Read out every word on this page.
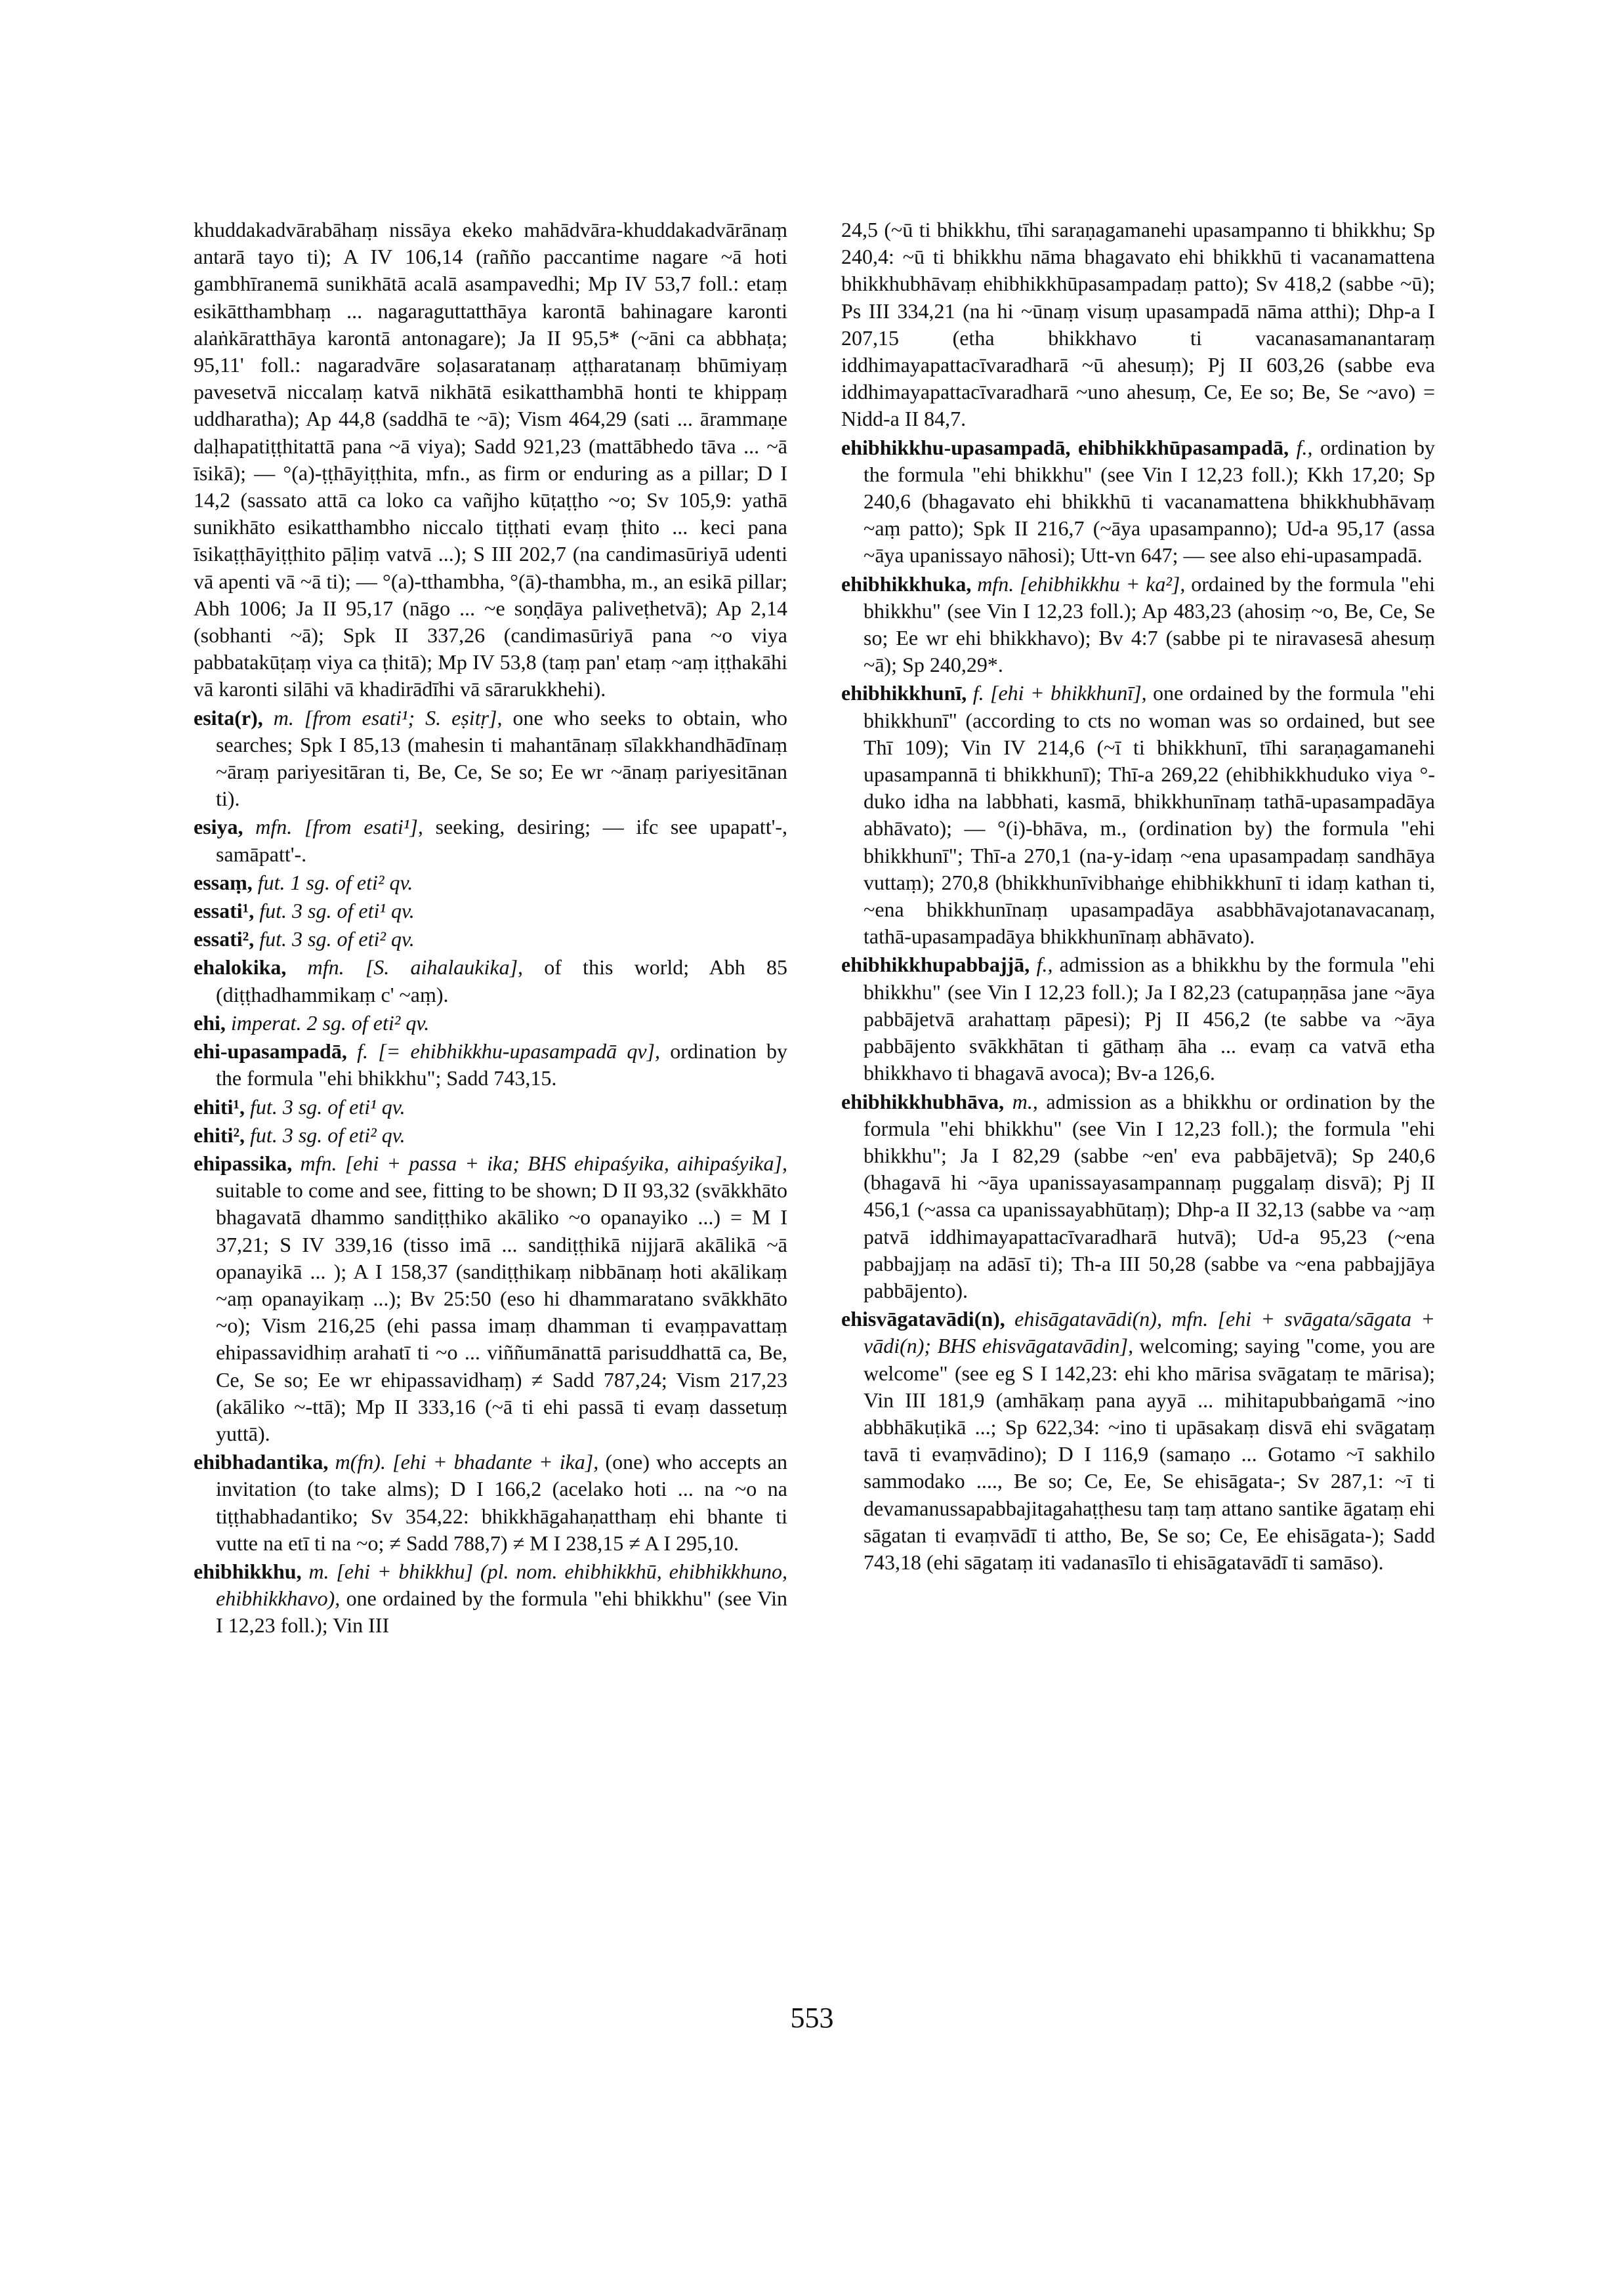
khuddakadvārabāhaṃ nissāya ekeko mahādvāra-khuddakadvārānaṃ antarā tayo ti); A IV 106,14 (raññо paccantime nagare ~ā hoti gambhīranemā sunikhātā acalā asampavedhi; Mp IV 53,7 foll.: etaṃ esikātthambhaṃ ... nagaraguttatthāya karontā bahinagare karonti alaṅkāratthāya karontā antonagare); Ja II 95,5* (~āni ca abbhaṭa; 95,11' foll.: nagaradvāre soḷasaratanaṃ aṭṭharatanaṃ bhūmiyaṃ pavesetvā niccalaṃ katvā nikhātā esikatthambhā honti te khippaṃ uddharatha); Ap 44,8 (saddhā te ~ā); Vism 464,29 (sati ... ārammaṇe daḷhapatiṭṭhitattā pana ~ā viya); Sadd 921,23 (mattābhedo tāva ... ~ā īsikā); — °(a)-ṭṭhāyiṭṭhita, mfn., as firm or enduring as a pillar; D I 14,2 (sassato attā ca loko ca vañjho kūṭaṭṭho ~o; Sv 105,9: yathā sunikhāto esikatthambho niccalo tiṭṭhati evaṃ ṭhito ... keci pana īsikaṭṭhāyiṭṭhito pāḷiṃ vatvā ...); S III 202,7 (na candimasūriyā udenti vā apenti vā ~ā ti); — °(a)-tthambha, °(ā)-thambha, m., an esikā pillar; Abh 1006; Ja II 95,17 (nāgo ... ~e soṇḍāya paliveṭhetvā); Ap 2,14 (sobhanti ~ā); Spk II 337,26 (candimasūriyā pana ~o viya pabbatakūṭaṃ viya ca ṭhitā); Mp IV 53,8 (taṃ pan' etaṃ ~aṃ iṭṭhakāhi vā karonti silāhi vā khadirādīhi vā sārarukkhehi).

esita(r), m. [from esati¹; S. eṣitṛ], one who seeks to obtain, who searches; Spk I 85,13 (mahesin ti mahantānaṃ sīlakkhandhādīnaṃ ~āraṃ pariyesitāran ti, Be, Ce, Se so; Ee wr ~ānaṃ pariyesitānan ti).

esiya, mfn. [from esati¹], seeking, desiring; — ifc see upapatt'-, samāpatt'-.

essaṃ, fut. 1 sg. of eti² qv.

essati¹, fut. 3 sg. of eti¹ qv.

essati², fut. 3 sg. of eti² qv.

ehalokika, mfn. [S. aihalaukika], of this world; Abh 85 (diṭṭhadhammikaṃ c' ~aṃ).

ehi, imperat. 2 sg. of eti² qv.

ehi-upasampadā, f. [= ehibhikkhu-upasampadā qv], ordination by the formula "ehi bhikkhu"; Sadd 743,15.

ehiti¹, fut. 3 sg. of eti¹ qv.

ehiti², fut. 3 sg. of eti² qv.

ehipassika, mfn. [ehi + passa + ika; BHS ehipaśyika, aihipaśyika], suitable to come and see, fitting to be shown; D II 93,32 (svākkhāto bhagavatā dhammo sandiṭṭhiko akāliko ~o opanayiko ...) = M I 37,21; S IV 339,16 (tisso imā ... sandiṭṭhikā nijjarā akālikā ~ā opanayikā ... ); A I 158,37 (sandiṭṭhikaṃ nibbānaṃ hoti akālikaṃ ~aṃ opanayikaṃ ...); Bv 25:50 (eso hi dhammaratano svākkhāto ~o); Vism 216,25 (ehi passa imaṃ dhamman ti evaṃpavattaṃ ehipassavidhiṃ arahatī ti ~o ... viññumānattā parisuddhattā ca, Be, Ce, Se so; Ee wr ehipassavidhaṃ) ≠ Sadd 787,24; Vism 217,23 (akāliko ~-ttā); Mp II 333,16 (~ā ti ehi passā ti evaṃ dassetuṃ yuttā).

ehibhadantika, m(fn). [ehi + bhadante + ika], (one) who accepts an invitation (to take alms); D I 166,2 (acelako hoti ... na ~o na tiṭṭhabhadantiko; Sv 354,22: bhikkhāgahaṇatthaṃ ehi bhante ti vutte na etī ti na ~o; ≠ Sadd 788,7) ≠ M I 238,15 ≠ A I 295,10.

ehibhikkhu, m. [ehi + bhikkhu] (pl. nom. ehibhikkhū, ehibhikkhuno, ehibhikkhavo), one ordained by the formula "ehi bhikkhu" (see Vin I 12,23 foll.); Vin III

24,5 (~ū ti bhikkhu, tīhi saraṇagamanehi upasampanno ti bhikkhu; Sp 240,4: ~ū ti bhikkhu nāma bhagavato ehi bhikkhū ti vacanamattena bhikkhubhāvaṃ ehibhikkhūpasampadaṃ patto); Sv 418,2 (sabbe ~ū); Ps III 334,21 (na hi ~ūnaṃ visuṃ upasampadā nāma atthi); Dhp-a I 207,15 (etha bhikkhavo ti vacanasamanantaraṃ iddhimayapattacīvaradharā ~ū ahesuṃ); Pj II 603,26 (sabbe eva iddhimayapattacīvaradharā ~uno ahesuṃ, Ce, Ee so; Be, Se ~avo) = Nidd-a II 84,7.

ehibhikkhu-upasampadā, ehibhikkhūpasampadā, f., ordination by the formula "ehi bhikkhu" (see Vin I 12,23 foll.); Kkh 17,20; Sp 240,6 (bhagavato ehi bhikkhū ti vacanamattena bhikkhubhāvaṃ ~aṃ patto); Spk II 216,7 (~āya upasampanno); Ud-a 95,17 (assa ~āya upanissayo nāhosi); Utt-vn 647; — see also ehi-upasampadā.

ehibhikkhuka, mfn. [ehibhikkhu + ka²], ordained by the formula "ehi bhikkhu" (see Vin I 12,23 foll.); Ap 483,23 (ahosiṃ ~o, Be, Ce, Se so; Ee wr ehi bhikkhavo); Bv 4:7 (sabbe pi te niravasesā ahesuṃ ~ā); Sp 240,29*.

ehibhikkhunī, f. [ehi + bhikkhunī], one ordained by the formula "ehi bhikkhunī" (according to cts no woman was so ordained, but see Thī 109); Vin IV 214,6 (~ī ti bhikkhunī, tīhi saraṇagamanehi upasampannā ti bhikkhunī); Thī-a 269,22 (ehibhikkhuduko viya °-duko idha na labbhati, kasmā, bhikkhunīnaṃ tathā-upasampadāya abhāvato); — °(i)-bhāva, m., (ordination by) the formula "ehi bhikkhunī"; Thī-a 270,1 (na-y-idaṃ ~ena upasampadaṃ sandhāya vuttaṃ); 270,8 (bhikkhunīvibhaṅge ehibhikkhunī ti idaṃ kathan ti, ~ena bhikkhunīnaṃ upasampadāya asabbhāvajotanavacanaṃ, tathā-upasampadāya bhikkhunīnaṃ abhāvato).

ehibhikkhupabbajjā, f., admission as a bhikkhu by the formula "ehi bhikkhu" (see Vin I 12,23 foll.); Ja I 82,23 (catupaṇṇāsa jane ~āya pabbājetvā arahattaṃ pāpesi); Pj II 456,2 (te sabbe va ~āya pabbājento svākkhātan ti gāthaṃ āha ... evaṃ ca vatvā etha bhikkhavo ti bhagavā avoca); Bv-a 126,6.

ehibhikkhubhāva, m., admission as a bhikkhu or ordination by the formula "ehi bhikkhu" (see Vin I 12,23 foll.); the formula "ehi bhikkhu"; Ja I 82,29 (sabbe ~en' eva pabbājetvā); Sp 240,6 (bhagavā hi ~āya upanissayasampannaṃ puggalaṃ disvā); Pj II 456,1 (~assa ca upanissayabhūtaṃ); Dhp-a II 32,13 (sabbe va ~aṃ patvā iddhimayapattacīvaradharā hutvā); Ud-a 95,23 (~ena pabbajjaṃ na adāsī ti); Th-a III 50,28 (sabbe va ~ena pabbajjāya pabbājento).

ehisvāgatavādi(n), ehisāgatavādi(n), mfn. [ehi + svāgata/sāgata + vādi(n); BHS ehisvāgatavādin], welcoming; saying "come, you are welcome" (see eg S I 142,23: ehi kho mārisa svāgataṃ te mārisa); Vin III 181,9 (amhākaṃ pana ayyā ... mihitapubbaṅgamā ~ino abbhākuṭikā ...; Sp 622,34: ~ino ti upāsakaṃ disvā ehi svāgataṃ tavā ti evaṃvādino); D I 116,9 (samaṇo ... Gotamo ~ī sakhilo sammodako ...., Be so; Ce, Ee, Se ehisāgata-; Sv 287,1: ~ī ti devamanussapabbajitagahaṭṭhesu taṃ taṃ attano santike āgataṃ ehi sāgatan ti evaṃvādī ti attho, Be, Se so; Ce, Ee ehisāgata-); Sadd 743,18 (ehi sāgataṃ iti vadanasīlo ti ehisāgatavādī ti samāso).

553
